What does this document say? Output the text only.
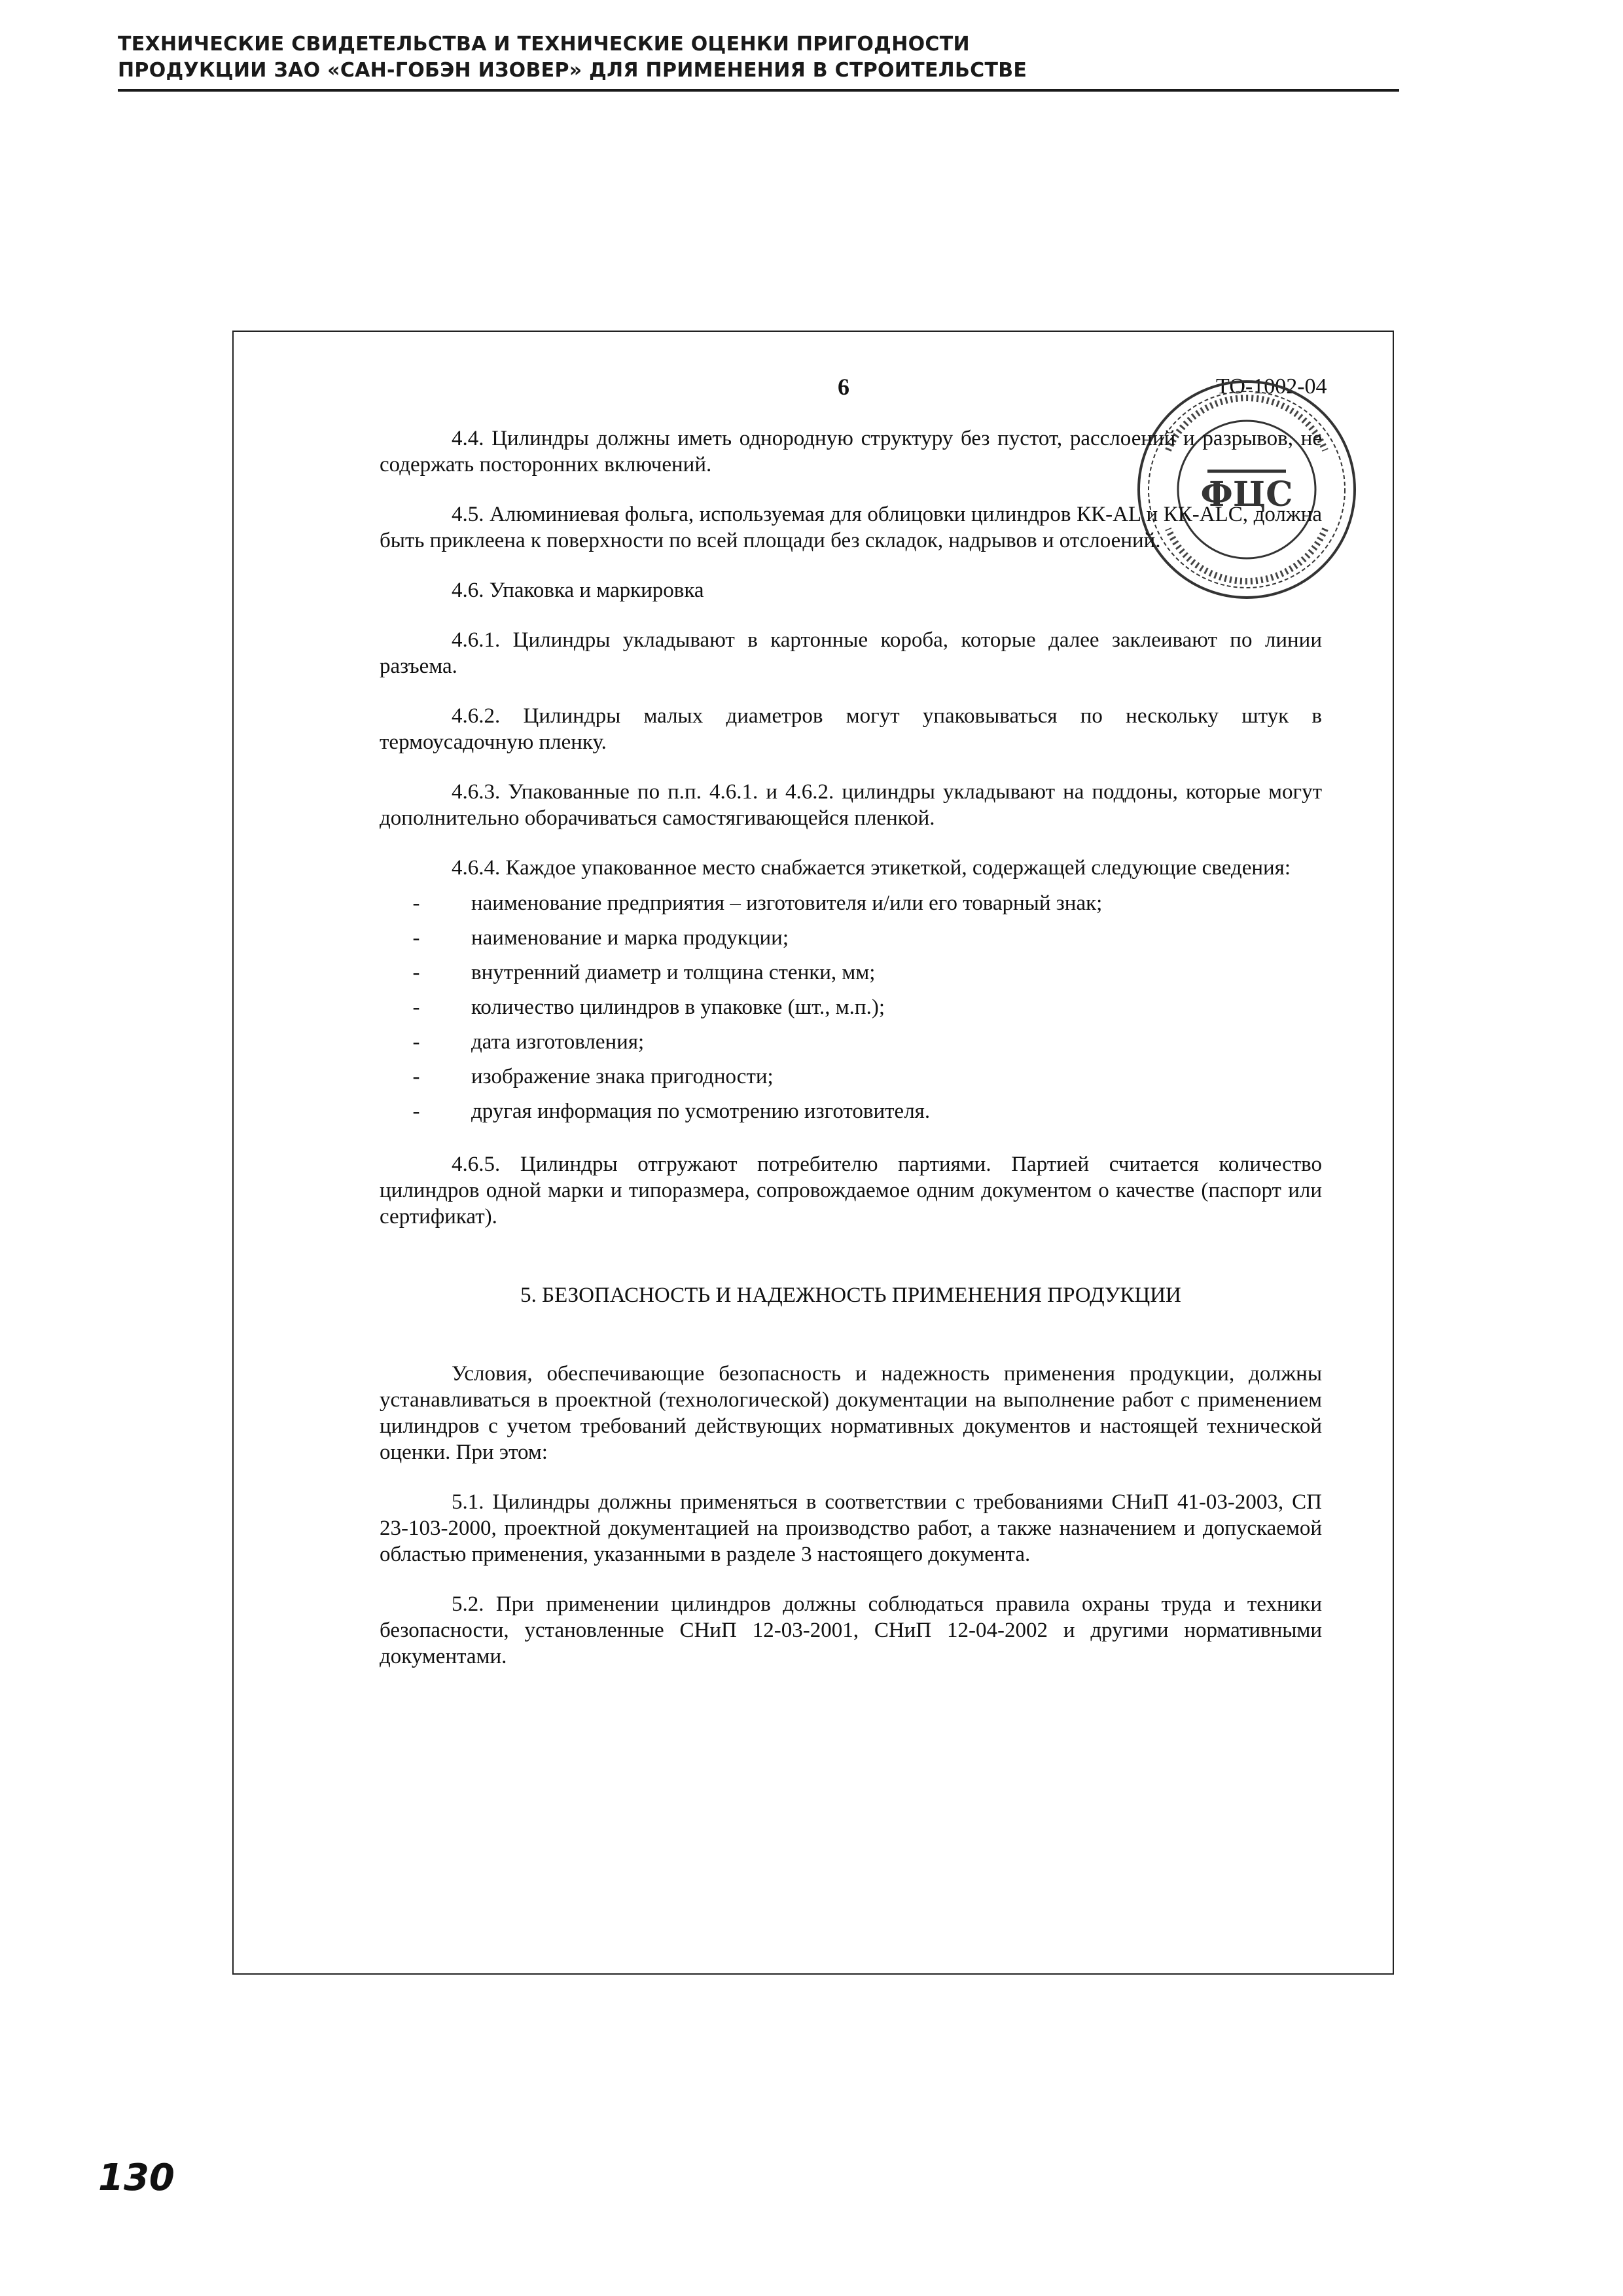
ТЕХНИЧЕСКИЕ СВИДЕТЕЛЬСТВА И ТЕХНИЧЕСКИЕ ОЦЕНКИ ПРИГОДНОСТИ
ПРОДУКЦИИ ЗАО «САН-ГОБЭН ИЗОВЕР» ДЛЯ ПРИМЕНЕНИЯ В СТРОИТЕЛЬСТВЕ
6	ТО-1002-04
ФЦС

4.4. Цилиндры должны иметь однородную структуру без пустот, расслоений и разрывов, не содержать посторонних включений.

4.5. Алюминиевая фольга, используемая для облицовки цилиндров КК-AL и КК-ALC, должна быть приклеена к поверхности по всей площади без складок, надрывов и отслоений.

4.6. Упаковка и маркировка

4.6.1. Цилиндры укладывают в картонные короба, которые далее заклеивают по линии разъема.

4.6.2. Цилиндры малых диаметров могут упаковываться по нескольку штук в термоусадочную пленку.

4.6.3. Упакованные по п.п. 4.6.1. и 4.6.2. цилиндры укладывают на поддоны, которые могут дополнительно оборачиваться самостягивающейся пленкой.

4.6.4. Каждое упакованное место снабжается этикеткой, содержащей следующие сведения:

-	наименование предприятия – изготовителя и/или его товарный знак;
-	наименование и марка продукции;
-	внутренний диаметр и толщина стенки, мм;
-	количество цилиндров в упаковке (шт., м.п.);
-	дата изготовления;
-	изображение знака пригодности;
-	другая информация по усмотрению изготовителя.

4.6.5. Цилиндры отгружают потребителю партиями. Партией считается количество цилиндров одной марки и типоразмера, сопровождаемое одним документом о качестве (паспорт или сертификат).

5. БЕЗОПАСНОСТЬ И НАДЕЖНОСТЬ ПРИМЕНЕНИЯ ПРОДУКЦИИ

Условия, обеспечивающие безопасность и надежность применения продукции, должны устанавливаться в проектной (технологической) документации на выполнение работ с применением цилиндров с учетом требований действующих нормативных документов и настоящей технической оценки. При этом:

5.1. Цилиндры должны применяться в соответствии с требованиями СНиП 41-03-2003, СП 23-103-2000, проектной документацией на производство работ, а также назначением и допускаемой областью применения, указанными в разделе 3 настоящего документа.

5.2. При применении цилиндров должны соблюдаться правила охраны труда и техники безопасности, установленные СНиП 12-03-2001, СНиП 12-04-2002 и другими нормативными документами.

130
